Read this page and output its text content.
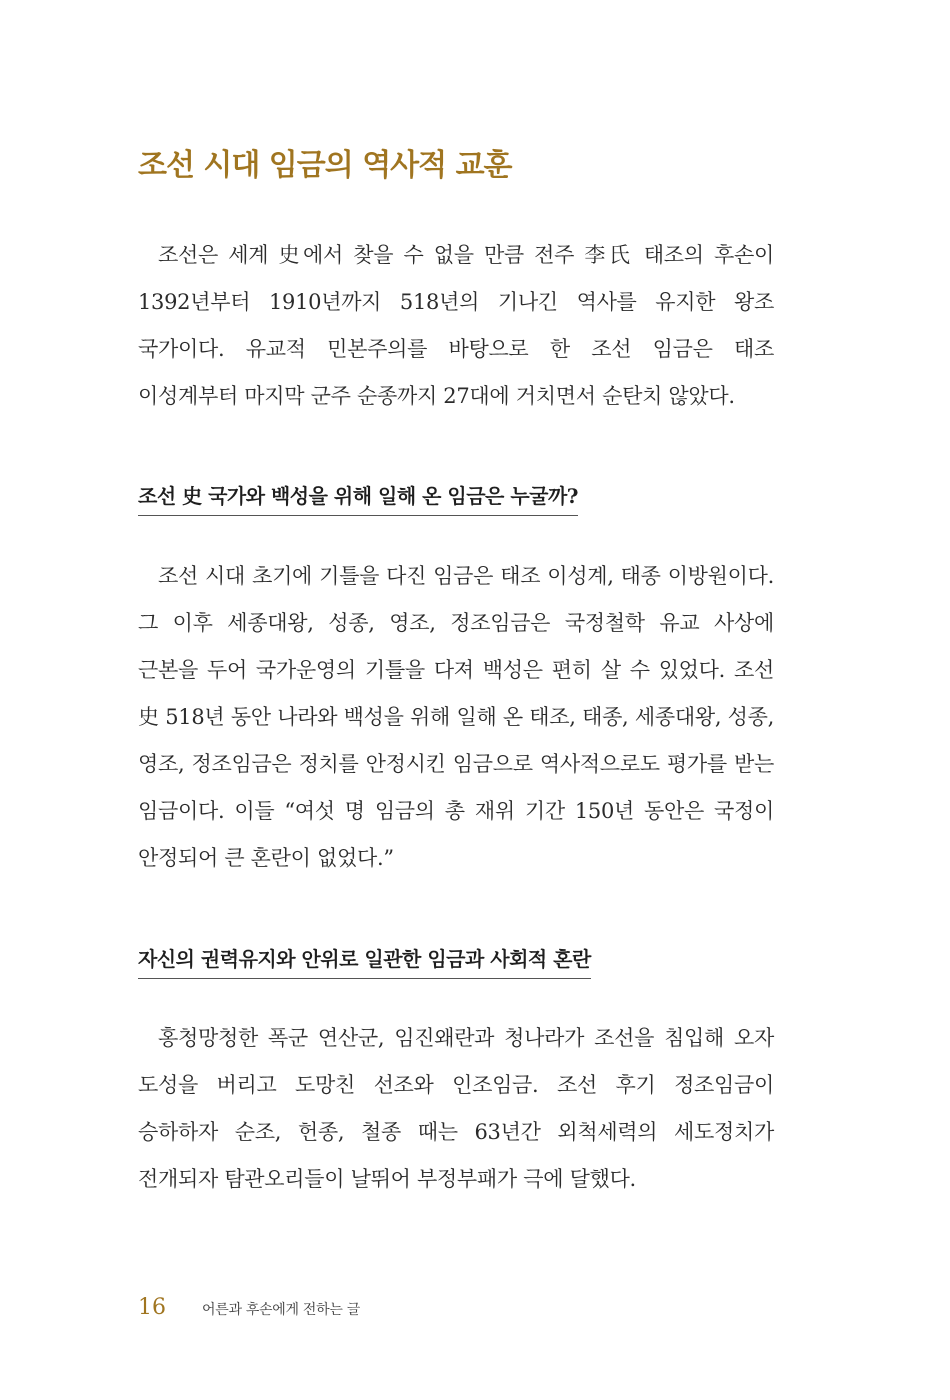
조선 시대 임금의 역사적 교훈

조선은 세계 史에서 찾을 수 없을 만큼 전주 李氏 태조의 후손이 1392년부터 1910년까지 518년의 기나긴 역사를 유지한 왕조 국가이다. 유교적 민본주의를 바탕으로 한 조선 임금은 태조 이성계부터 마지막 군주 순종까지 27대에 거치면서 순탄치 않았다.

조선 史 국가와 백성을 위해 일해 온 임금은 누굴까?

조선 시대 초기에 기틀을 다진 임금은 태조 이성계, 태종 이방원이다. 그 이후 세종대왕, 성종, 영조, 정조임금은 국정철학 유교 사상에 근본을 두어 국가운영의 기틀을 다져 백성은 편히 살 수 있었다. 조선 史 518년 동안 나라와 백성을 위해 일해 온 태조, 태종, 세종대왕, 성종, 영조, 정조임금은 정치를 안정시킨 임금으로 역사적으로도 평가를 받는 임금이다. 이들 “여섯 명 임금의 총 재위 기간 150년 동안은 국정이 안정되어 큰 혼란이 없었다.”

자신의 권력유지와 안위로 일관한 임금과 사회적 혼란

홍청망청한 폭군 연산군, 임진왜란과 청나라가 조선을 침입해 오자 도성을 버리고 도망친 선조와 인조임금. 조선 후기 정조임금이 승하하자 순조, 헌종, 철종 때는 63년간 외척세력의 세도정치가 전개되자 탐관오리들이 날뛰어 부정부패가 극에 달했다.

16	어른과 후손에게 전하는 글
